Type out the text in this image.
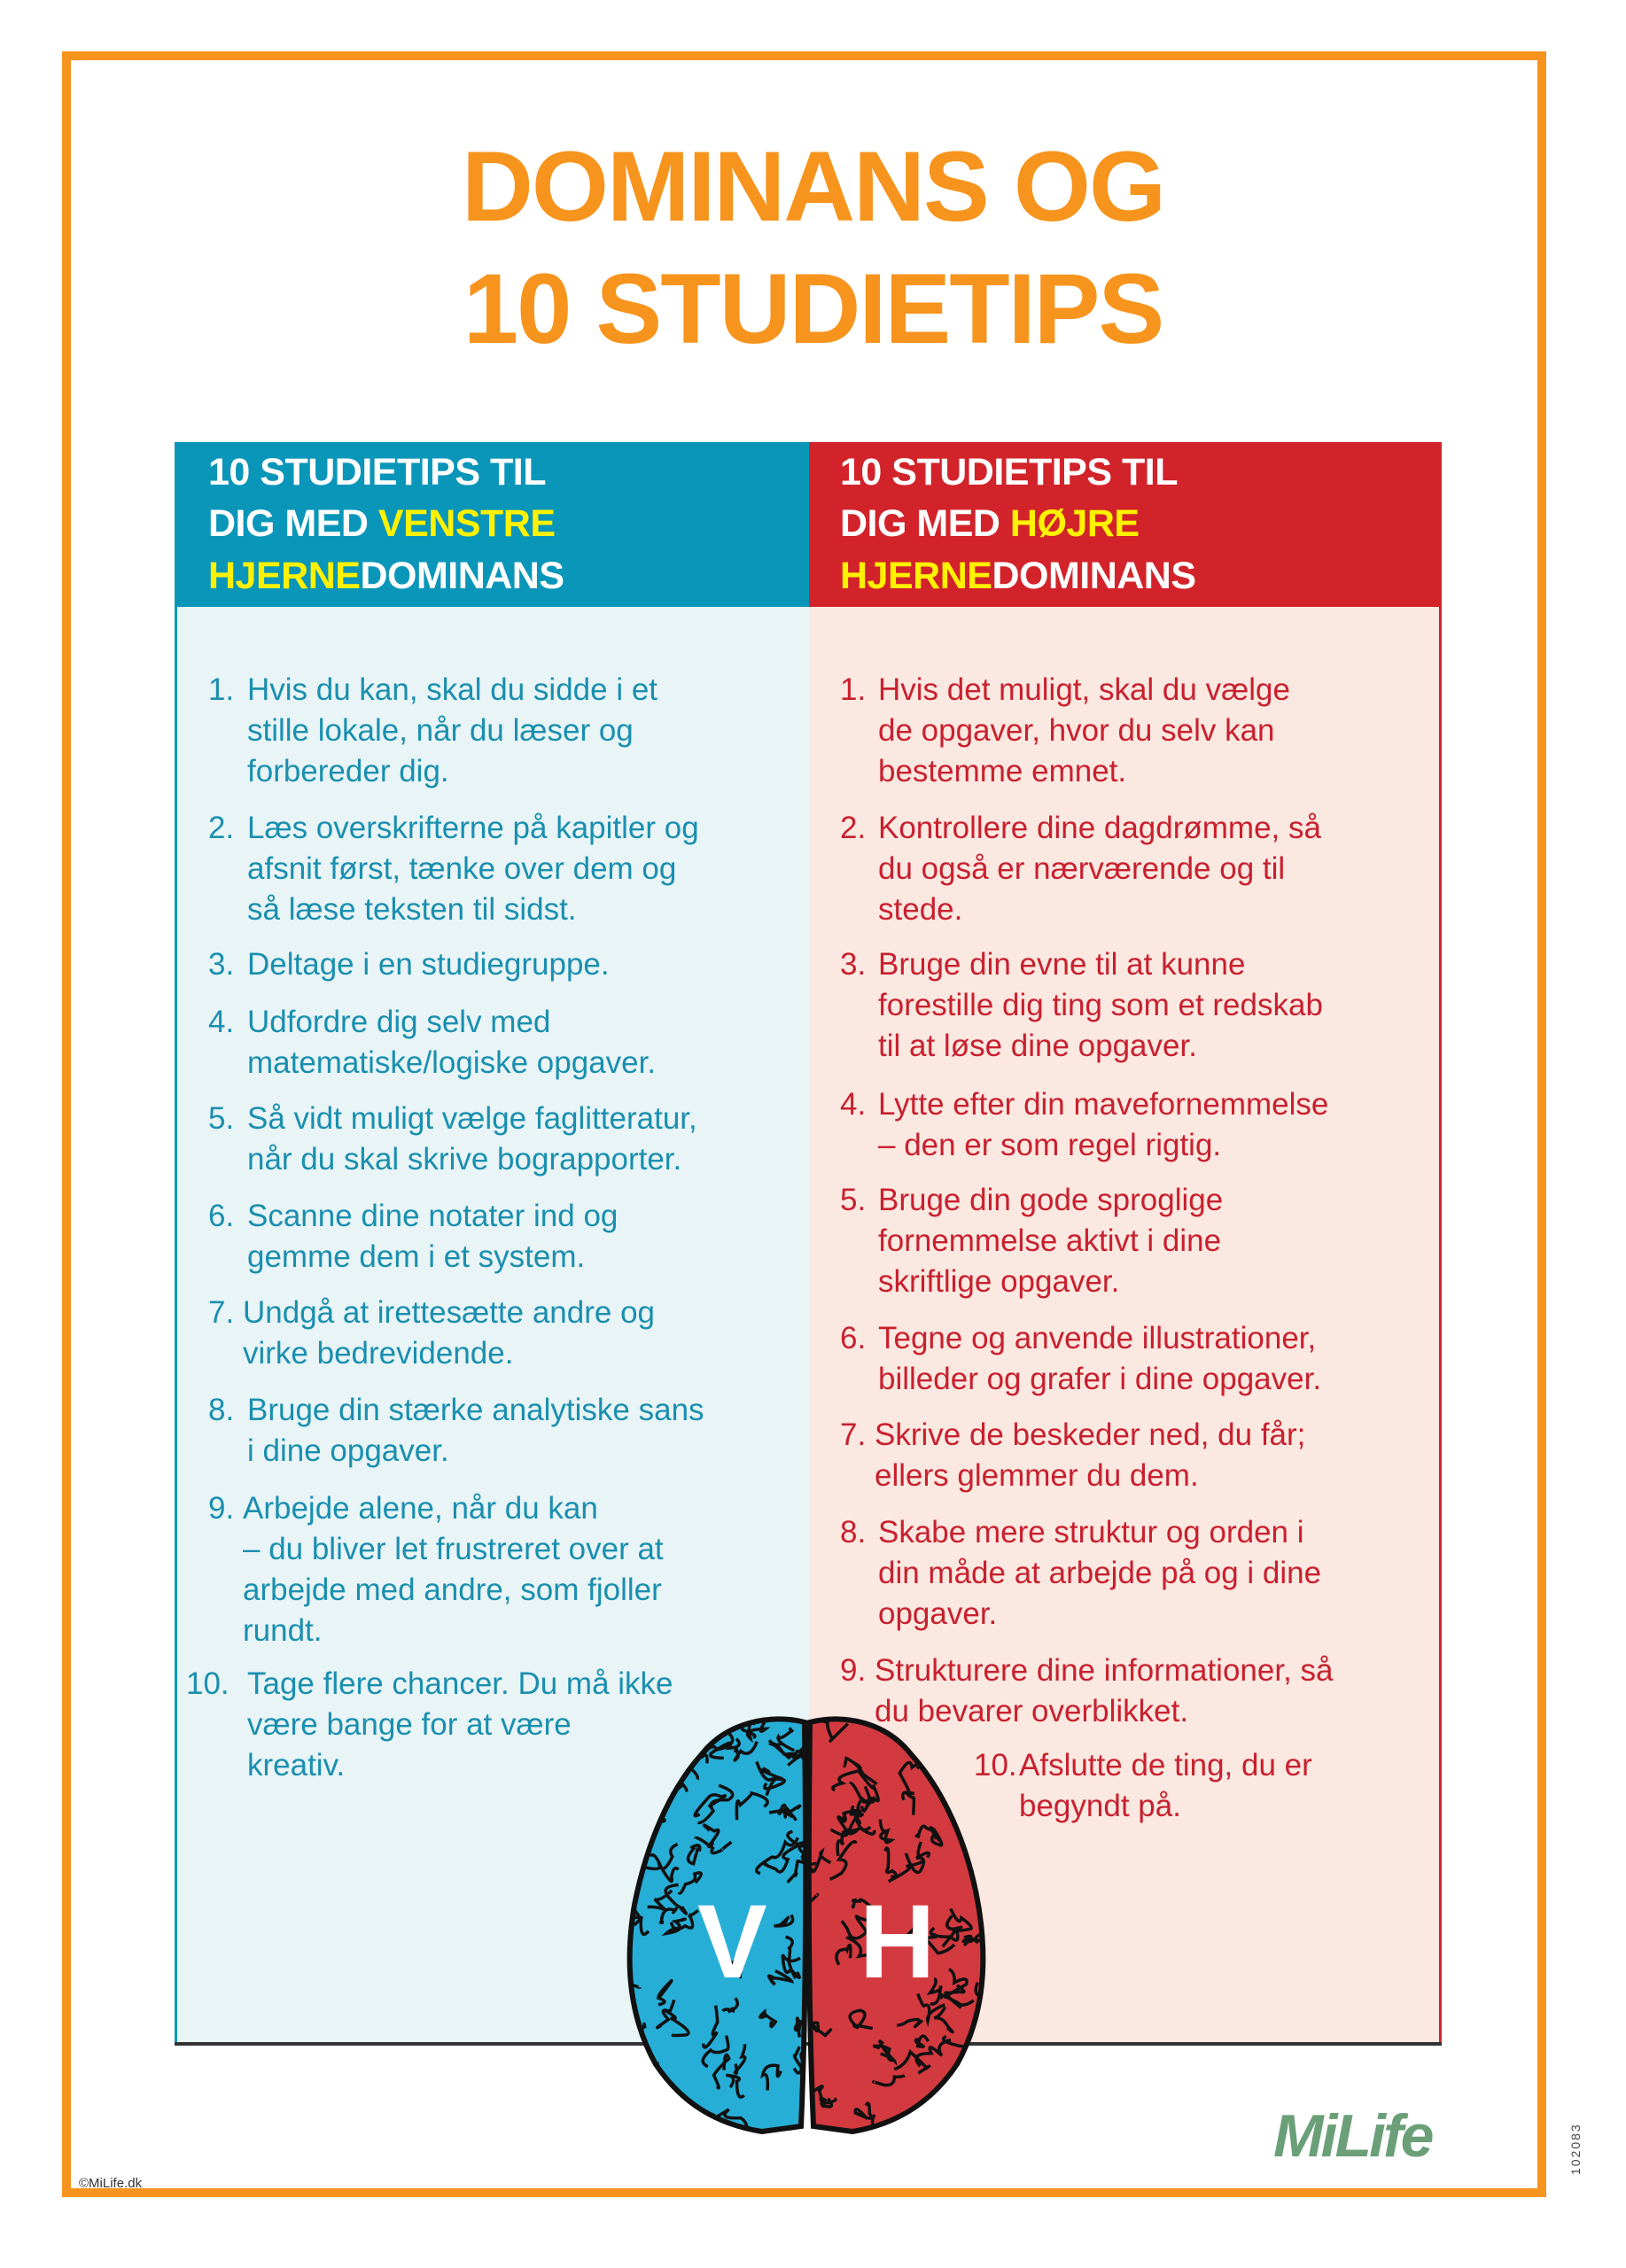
DOMINANS OG
10 STUDIETIPS
10 STUDIETIPS TIL
DIG MED VENSTRE
HJERNEDOMINANS
1. Hvis du kan, skal du sidde i et
stille lokale, når du læser og
forbereder dig.
2. Læs overskrifterne på kapitler og
afsnit først, tænke over dem og
så læse teksten til sidst.
3. Deltage i en studiegruppe.
4. Udfordre dig selv med
matematiske/logiske opgaver.
5. Så vidt muligt vælge faglitteratur,
når du skal skrive bograpporter.
6. Scanne dine notater ind og
gemme dem i et system.
7. Undgå at irettesætte andre og
virke bedrevidende.
8. Bruge din stærke analytiske sans
i dine opgaver.
9. Arbejde alene, når du kan
– du bliver let frustreret over at
arbejde med andre, som fjoller
rundt.
10. Tage flere chancer. Du må ikke
være bange for at være
kreativ.
10 STUDIETIPS TIL
DIG MED HØJRE
HJERNEDOMINANS
1. Hvis det muligt, skal du vælge
de opgaver, hvor du selv kan
bestemme emnet.
2. Kontrollere dine dagdrømme, så
du også er nærværende og til
stede.
3. Bruge din evne til at kunne
forestille dig ting som et redskab
til at løse dine opgaver.
4. Lytte efter din mavefornemmelse
– den er som regel rigtig.
5. Bruge din gode sproglige
fornemmelse aktivt i dine
skriftlige opgaver.
6. Tegne og anvende illustrationer,
billeder og grafer i dine opgaver.
7. Skrive de beskeder ned, du får;
ellers glemmer du dem.
8. Skabe mere struktur og orden i
din måde at arbejde på og i dine
opgaver.
9. Strukturere dine informationer, så
du bevarer overblikket.
10. Afslutte de ting, du er
begyndt på.
V H
MiLife
©MiLife.dk
102083
